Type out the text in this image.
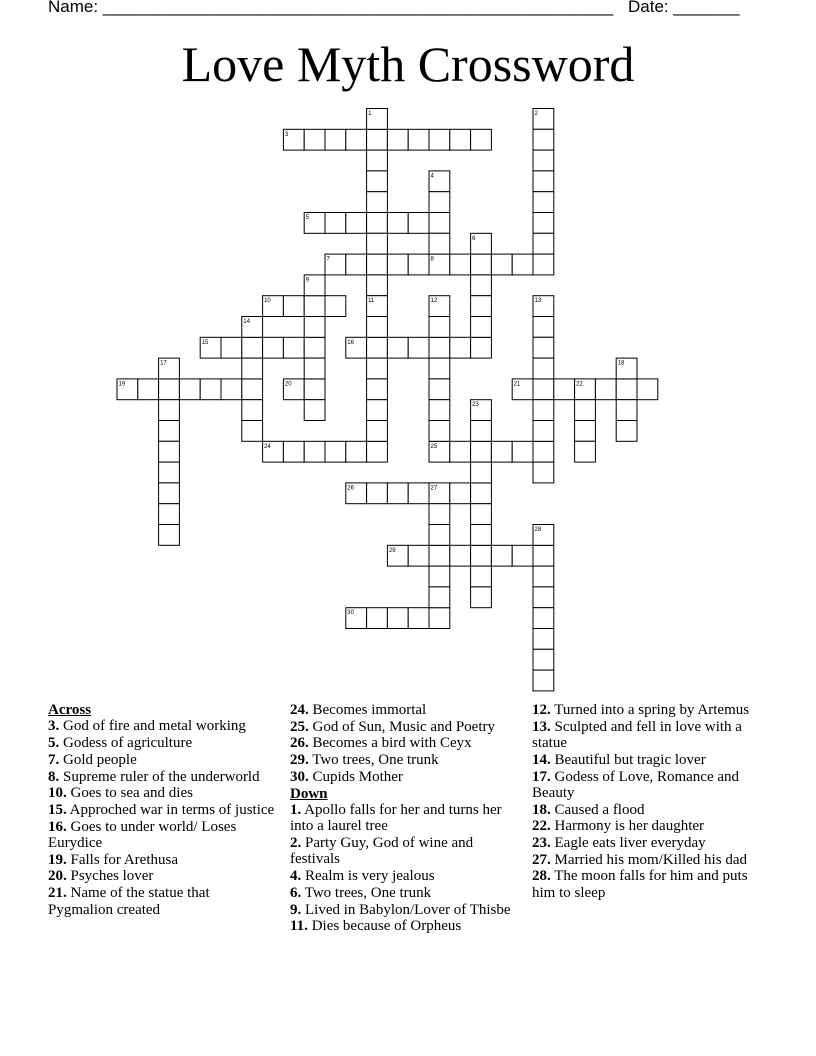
Name: ______________________________________________________ Date: _______
Love Myth Crossword
3
5
7	8
10
15	16
19	20	21
24	25
26
29
30
1	2
4
6
9
11	12	13
14
17	18
22
23
27
28
Across
3. God of fire and metal working
5. Godess of agriculture
7. Gold people
8. Supreme ruler of the underworld
10. Goes to sea and dies
15. Approched war in terms of justice
16. Goes to under world/ Loses Eurydice
19. Falls for Arethusa
20. Psyches lover
21. Name of the statue that Pygmalion created
24. Becomes immortal
25. God of Sun, Music and Poetry
26. Becomes a bird with Ceyx
29. Two trees, One trunk
30. Cupids Mother
Down
1. Apollo falls for her and turns her into a laurel tree
2. Party Guy, God of wine and festivals
4. Realm is very jealous
6. Two trees, One trunk
9. Lived in Babylon/Lover of Thisbe
11. Dies because of Orpheus
12. Turned into a spring by Artemus
13. Sculpted and fell in love with a statue
14. Beautiful but tragic lover
17. Godess of Love, Romance and Beauty
18. Caused a flood
22. Harmony is her daughter
23. Eagle eats liver everyday
27. Married his mom/Killed his dad
28. The moon falls for him and puts him to sleep
